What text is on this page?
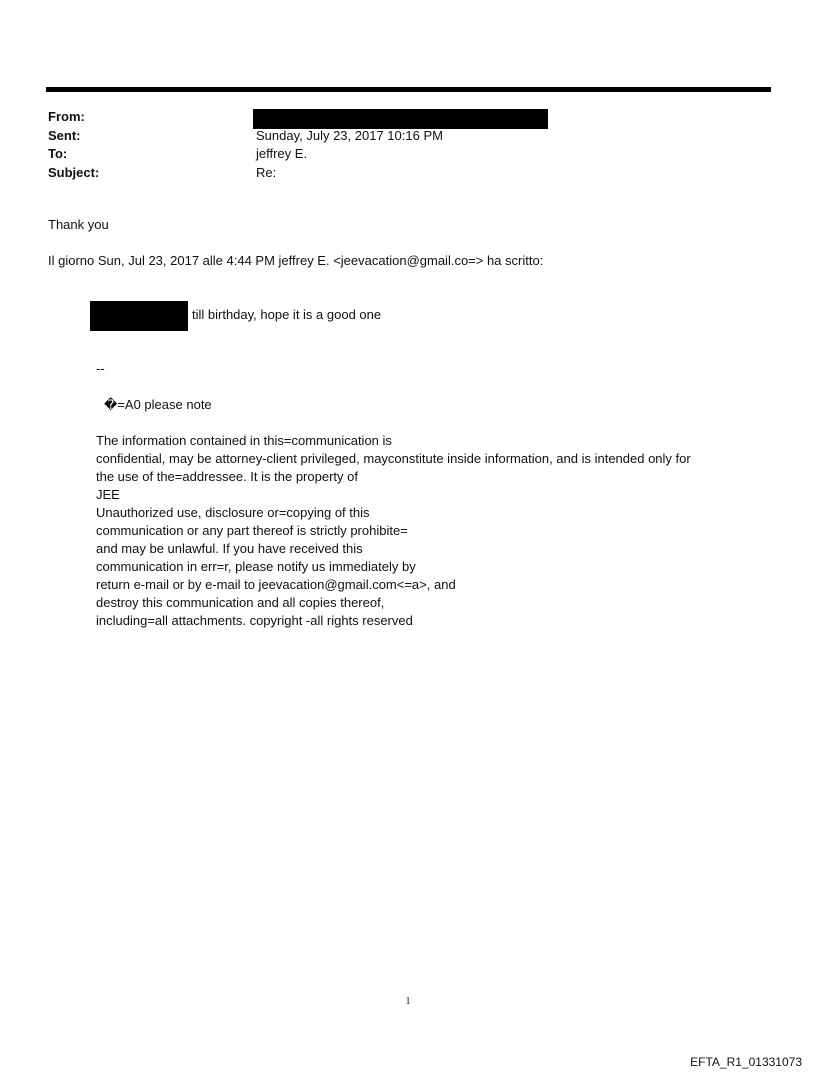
From:
Sent:	Sunday, July 23, 2017 10:16 PM
To:	jeffrey E.
Subject:	Re:
Thank you
Il giorno Sun, Jul 23, 2017 alle 4:44 PM jeffrey E. <jeevacation@gmail.co=> ha scritto:
till birthday, hope it is a good one
--
�=A0 please note
The information contained in this=communication is
confidential, may be attorney-client privileged, mayconstitute inside information, and is intended only for
the use of the=addressee. It is the property of
JEE
Unauthorized use, disclosure or=copying of this
communication or any part thereof is strictly prohibite=
and may be unlawful. If you have received this
communication in err=r, please notify us immediately by
return e-mail or by e-mail to jeevacation@gmail.com<=a>, and
destroy this communication and all copies thereof,
including=all attachments. copyright -all rights reserved
1
EFTA_R1_01331073
